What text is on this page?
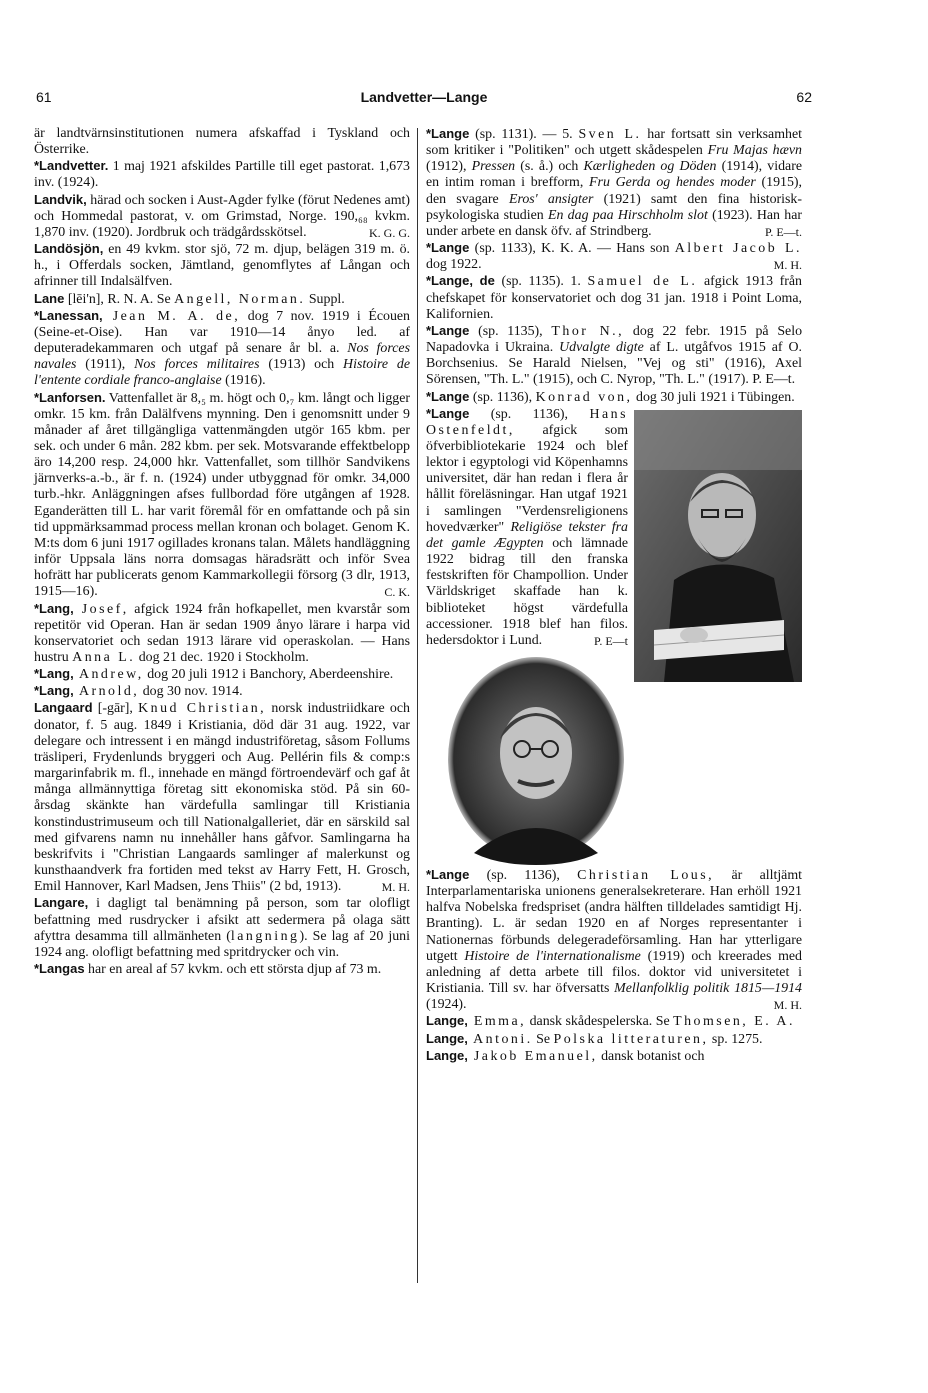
61	Landvetter—Lange	62

är landtvärnsinstitutionen numera afskaffad i Tyskland och Österrike.

*Landvetter. 1 maj 1921 afskildes Partille till eget pastorat. 1,673 inv. (1924).

Landvik, härad och socken i Aust-Agder fylke (förut Nedenes amt) och Hommedal pastorat, v. om Grimstad, Norge. 190,₆₈ kvkm. 1,870 inv. (1920). Jordbruk och trädgårdsskötsel.	K. G. G.

Landösjön, en 49 kvkm. stor sjö, 72 m. djup, belägen 319 m. ö. h., i Offerdals socken, Jämtland, genomflytes af Långan och afrinner till Indalsälfven.

Lane [lēi'n], R. N. A. Se Angell, Norman. Suppl.

*Lanessan, Jean M. A. de, dog 7 nov. 1919 i Écouen (Seine-et-Oise). Han var 1910—14 ånyo led. af deputeradekammaren och utgaf på senare år bl. a. Nos forces navales (1911), Nos forces militaires (1913) och Histoire de l'entente cordiale franco-anglaise (1916).

*Lanforsen. Vattenfallet är 8,₅ m. högt och 0,₇ km. långt och ligger omkr. 15 km. från Dalälfvens mynning. Den i genomsnitt under 9 månader af året tillgängliga vattenmängden utgör 165 kbm. per sek. och under 6 mån. 282 kbm. per sek. Motsvarande effektbelopp äro 14,200 resp. 24,000 hkr. Vattenfallet, som tillhör Sandvikens järnverks-a.-b., är f. n. (1924) under utbyggnad för omkr. 34,000 turb.-hkr. Anläggningen afses fullbordad före utgången af 1928. Eganderätten till L. har varit föremål för en omfattande och på sin tid uppmärksammad process mellan kronan och bolaget. Genom K. M:ts dom 6 juni 1917 ogillades kronans talan. Målets handläggning inför Uppsala läns norra domsagas häradsrätt och inför Svea hofrätt har publicerats genom Kammarkollegii försorg (3 dlr, 1913, 1915—16).	C. K.

*Lang, Josef, afgick 1924 från hofkapellet, men kvarstår som repetitör vid Operan. Han är sedan 1909 ånyo lärare i harpa vid konservatoriet och sedan 1913 lärare vid operaskolan. — Hans hustru Anna L. dog 21 dec. 1920 i Stockholm.

*Lang, Andrew, dog 20 juli 1912 i Banchory, Aberdeenshire.

*Lang, Arnold, dog 30 nov. 1914.

Langaard [-gār], Knud Christian, norsk industriidkare och donator, f. 5 aug. 1849 i Kristiania, död där 31 aug. 1922, var delegare och intressent i en mängd industriföretag, såsom Follums träsliperi, Frydenlunds bryggeri och Aug. Pellérin fils & comp:s margarinfabrik m. fl., innehade en mängd förtroendevärf och gaf åt många allmännyttiga företag sitt ekonomiska stöd. På sin 60-årsdag skänkte han värdefulla samlingar till Kristiania konstindustrimuseum och till Nationalgalleriet, där en särskild sal med gifvarens namn nu innehåller hans gåfvor. Samlingarna ha beskrifvits i "Christian Langaards samlinger af malerkunst og kunsthaandverk fra fortiden med tekst av Harry Fett, H. Grosch, Emil Hannover, Karl Madsen, Jens Thiis" (2 bd, 1913).	M. H.

Langare, i dagligt tal benämning på person, som tar olofligt befattning med rusdrycker i afsikt att sedermera på olaga sätt afyttra desamma till allmänheten (langning). Se lag af 20 juni 1924 ang. olofligt befattning med spritdrycker och vin.

*Langas har en areal af 57 kvkm. och ett största djup af 73 m.

*Lange (sp. 1131). — 5. Sven L. har fortsatt sin verksamhet som kritiker i "Politiken" och utgett skådespelen Fru Majas hævn (1912), Pressen (s. å.) och Kærligheden og Döden (1914), vidare en intim roman i brefform, Fru Gerda og hendes moder (1915), den svagare Eros' ansigter (1921) samt den fina historisk-psykologiska studien En dag paa Hirschholm slot (1923). Han har under arbete en dansk öfv. af Strindberg.	P. E—t.

*Lange (sp. 1133), K. K. A. — Hans son Albert Jacob L. dog 1922.	M. H.

*Lange, de (sp. 1135). 1. Samuel de L. afgick 1913 från chefskapet för konservatoriet och dog 31 jan. 1918 i Point Loma, Kalifornien.

*Lange (sp. 1135), Thor N., dog 22 febr. 1915 på Selo Napadovka i Ukraina. Udvalgte digte af L. utgåfvos 1915 af O. Borchsenius. Se Harald Nielsen, "Vej og sti" (1916), Axel Sörensen, "Th. L." (1915), och C. Nyrop, "Th. L." (1917). P. E—t.

*Lange (sp. 1136), Konrad von, dog 30 juli 1921 i Tübingen.

*Lange (sp. 1136), Hans Ostenfeldt, afgick som öfverbibliotekarie 1924 och blef lektor i egyptologi vid Köpenhamns universitet, där han redan i flera år hållit föreläsningar. Han utgaf 1921 i samlingen "Verdensreligionens hovedværker" Religiöse tekster fra det gamle Ægypten och lämnade 1922 bidrag till den franska festskriften för Champollion. Under Världskriget skaffade han k. biblioteket högst värdefulla accessioner. 1918 blef han filos. hedersdoktor i Lund.	P. E—t

*Lange (sp. 1136), Christian Lous, är alltjämt Interparlamentariska unionens generalsekreterare. Han erhöll 1921 halfva Nobelska fredspriset (andra hälften tilldelades samtidigt Hj. Branting). L. är sedan 1920 en af Norges representanter i Nationernas förbunds delegeradeförsamling. Han har ytterligare utgett Histoire de l'internationalisme (1919) och kreerades med anledning af detta arbete till filos. doktor vid universitetet i Kristiania. Till sv. har öfversatts Mellanfolklig politik 1815—1914 (1924).	M. H.

Lange, Emma, dansk skådespelerska. Se Thomsen, E. A.

Lange, Antoni. Se Polska litteraturen, sp. 1275.

Lange, Jakob Emanuel, dansk botanist och
